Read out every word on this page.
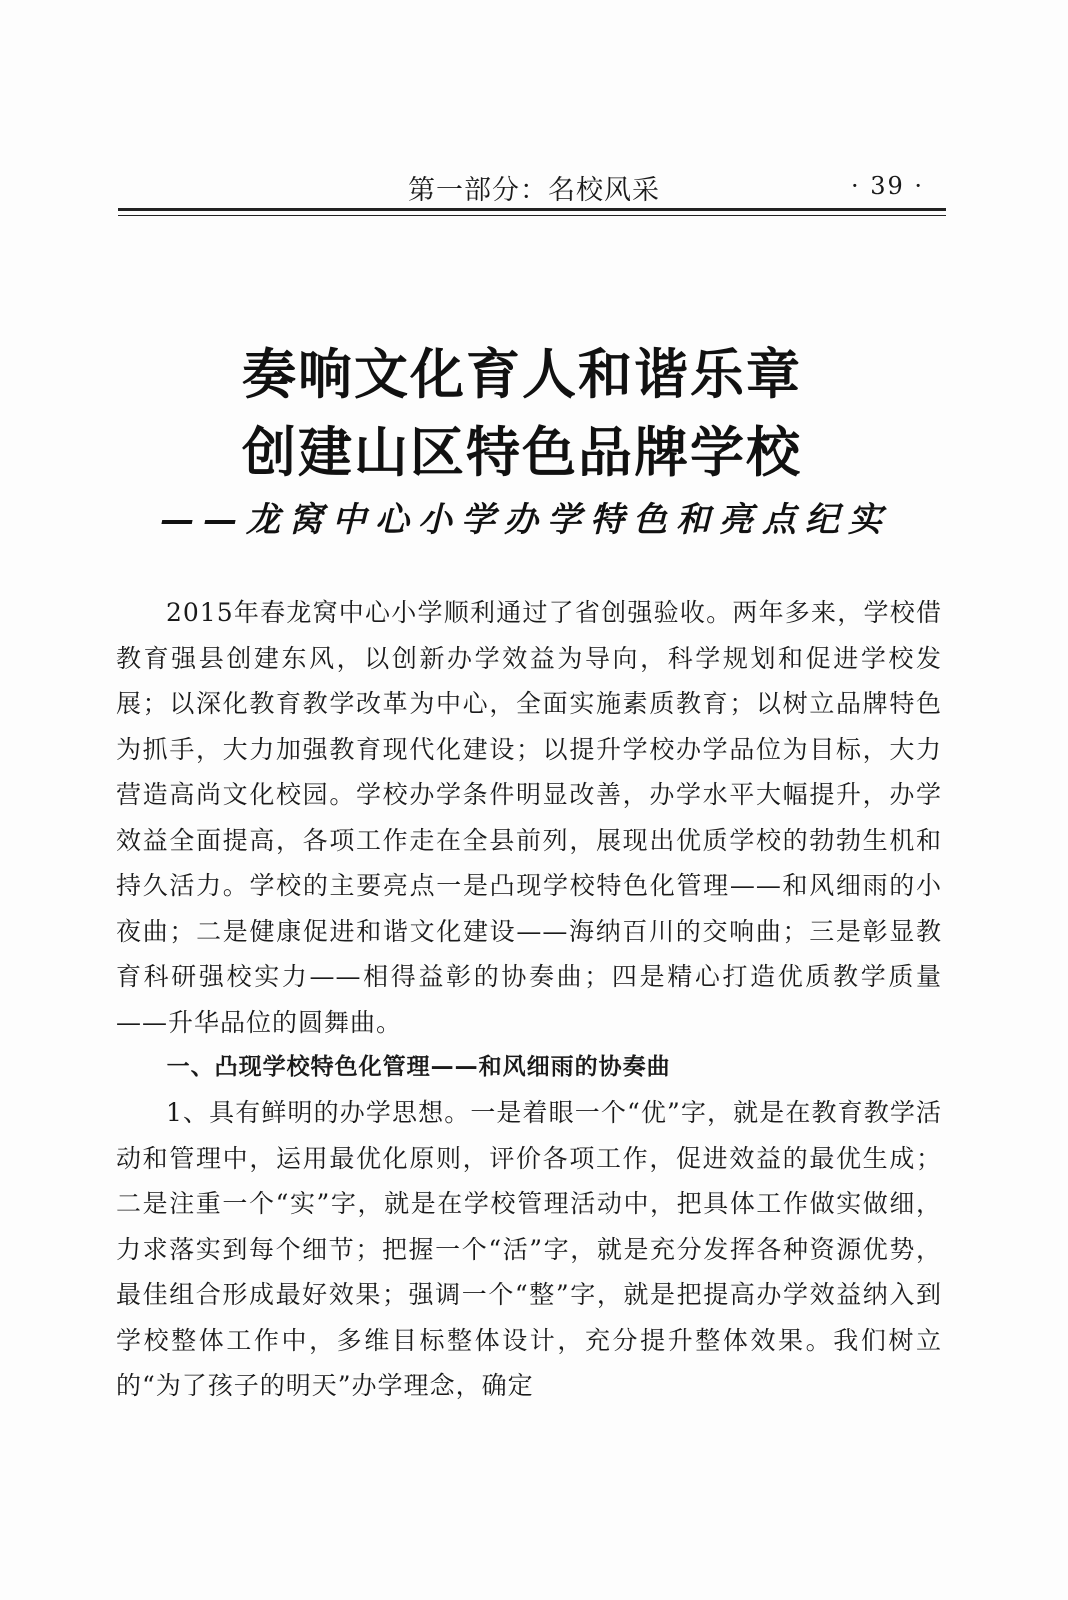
第一部分：名校风采	· 39 ·
奏响文化育人和谐乐章
创建山区特色品牌学校
——龙窝中心小学办学特色和亮点纪实

2015年春龙窝中心小学顺利通过了省创强验收。两年多来，学校借教育强县创建东风，以创新办学效益为导向，科学规划和促进学校发展；以深化教育教学改革为中心，全面实施素质教育；以树立品牌特色为抓手，大力加强教育现代化建设；以提升学校办学品位为目标，大力营造高尚文化校园。学校办学条件明显改善，办学水平大幅提升，办学效益全面提高，各项工作走在全县前列，展现出优质学校的勃勃生机和持久活力。学校的主要亮点一是凸现学校特色化管理——和风细雨的小夜曲；二是健康促进和谐文化建设——海纳百川的交响曲；三是彰显教育科研强校实力——相得益彰的协奏曲；四是精心打造优质教学质量——升华品位的圆舞曲。

一、凸现学校特色化管理——和风细雨的协奏曲

1、具有鲜明的办学思想。一是着眼一个“优”字，就是在教育教学活动和管理中，运用最优化原则，评价各项工作，促进效益的最优生成；二是注重一个“实”字，就是在学校管理活动中，把具体工作做实做细，力求落实到每个细节；把握一个“活”字，就是充分发挥各种资源优势，最佳组合形成最好效果；强调一个“整”字，就是把提高办学效益纳入到学校整体工作中，多维目标整体设计，充分提升整体效果。我们树立的“为了孩子的明天”办学理念，确定
